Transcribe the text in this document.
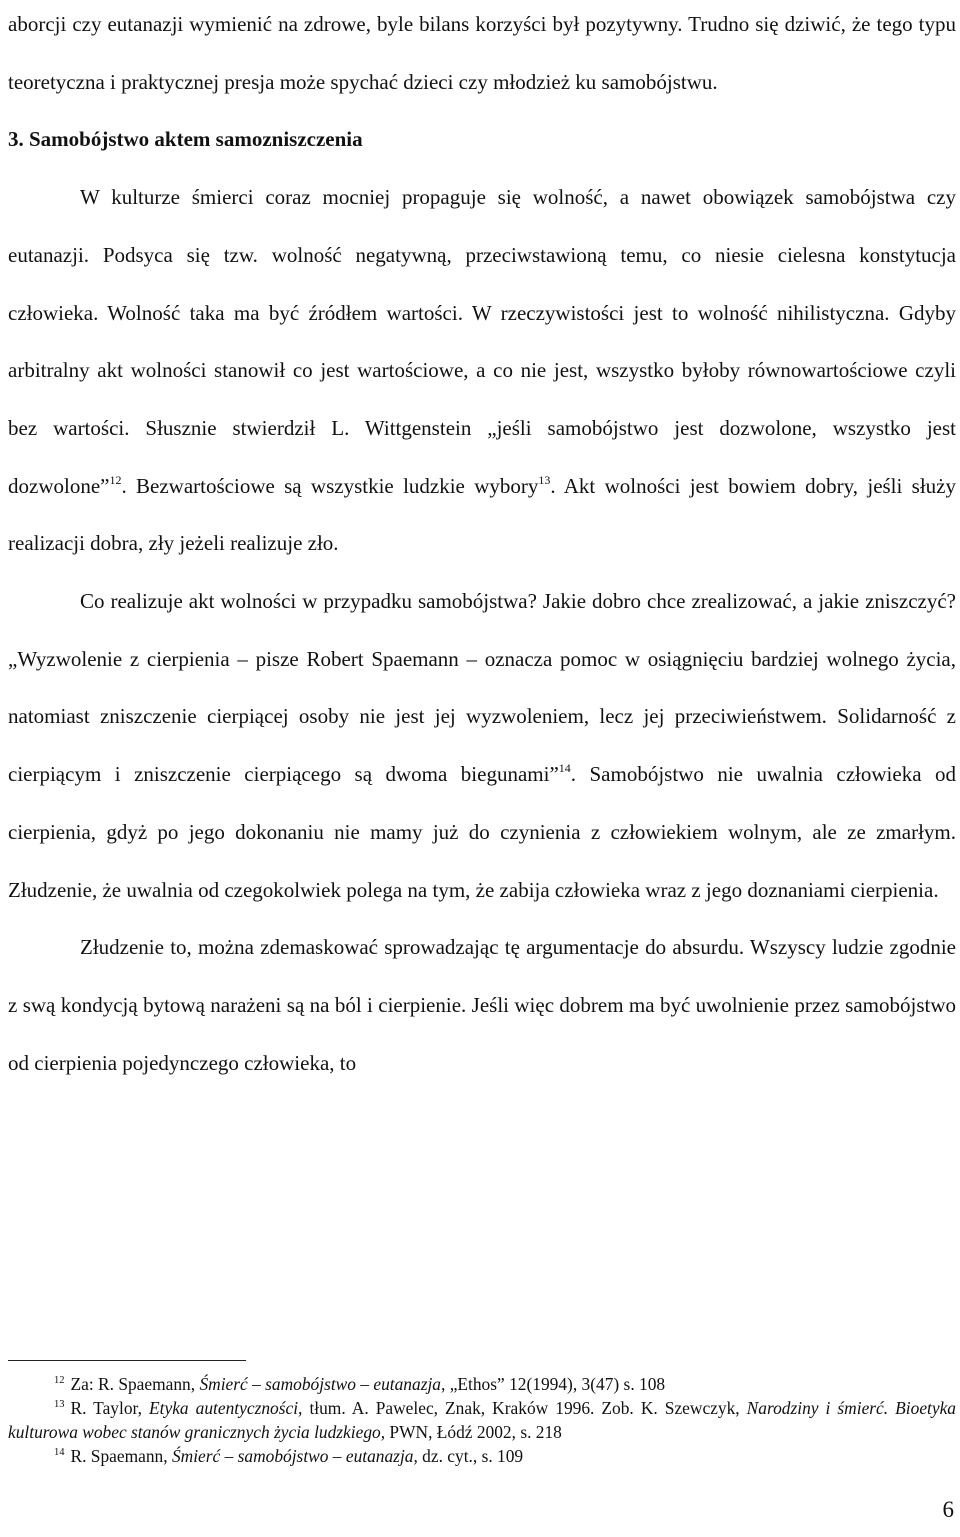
aborcji czy eutanazji wymienić na zdrowe, byle bilans korzyści był pozytywny. Trudno się dziwić, że tego typu teoretyczna i praktycznej presja może spychać dzieci czy młodzież ku samobójstwu.

3. Samobójstwo aktem samozniszczenia

W kulturze śmierci coraz mocniej propaguje się wolność, a nawet obowiązek samobójstwa czy eutanazji. Podsyca się tzw. wolność negatywną, przeciwstawioną temu, co niesie cielesna konstytucja człowieka. Wolność taka ma być źródłem wartości. W rzeczywistości jest to wolność nihilistyczna. Gdyby arbitralny akt wolności stanowił co jest wartościowe, a co nie jest, wszystko byłoby równowartościowe czyli bez wartości. Słusznie stwierdził L. Wittgenstein „jeśli samobójstwo jest dozwolone, wszystko jest dozwolone”$^{12}$. Bezwartościowe są wszystkie ludzkie wybory$^{13}$. Akt wolności jest bowiem dobry, jeśli służy realizacji dobra, zły jeżeli realizuje zło.

Co realizuje akt wolności w przypadku samobójstwa? Jakie dobro chce zrealizować, a jakie zniszczyć? „Wyzwolenie z cierpienia – pisze Robert Spaemann – oznacza pomoc w osiągnięciu bardziej wolnego życia, natomiast zniszczenie cierpiącej osoby nie jest jej wyzwoleniem, lecz jej przeciwieństwem. Solidarność z cierpiącym i zniszczenie cierpiącego są dwoma biegunami”$^{14}$. Samobójstwo nie uwalnia człowieka od cierpienia, gdyż po jego dokonaniu nie mamy już do czynienia z człowiekiem wolnym, ale ze zmarłym. Złudzenie, że uwalnia od czegokolwiek polega na tym, że zabija człowieka wraz z jego doznaniami cierpienia.

Złudzenie to, można zdemaskować sprowadzając tę argumentacje do absurdu. Wszyscy ludzie zgodnie z swą kondycją bytową narażeni są na ból i cierpienie. Jeśli więc dobrem ma być uwolnienie przez samobójstwo od cierpienia pojedynczego człowieka, to

$^{12}$ Za: R. Spaemann, Śmierć – samobójstwo – eutanazja, „Ethos” 12(1994), 3(47) s. 108

$^{13}$ R. Taylor, Etyka autentyczności, tłum. A. Pawelec, Znak, Kraków 1996. Zob. K. Szewczyk, Narodziny i śmierć. Bioetyka kulturowa wobec stanów granicznych życia ludzkiego, PWN, Łódź 2002, s. 218

$^{14}$ R. Spaemann, Śmierć – samobójstwo – eutanazja, dz. cyt., s. 109

6
